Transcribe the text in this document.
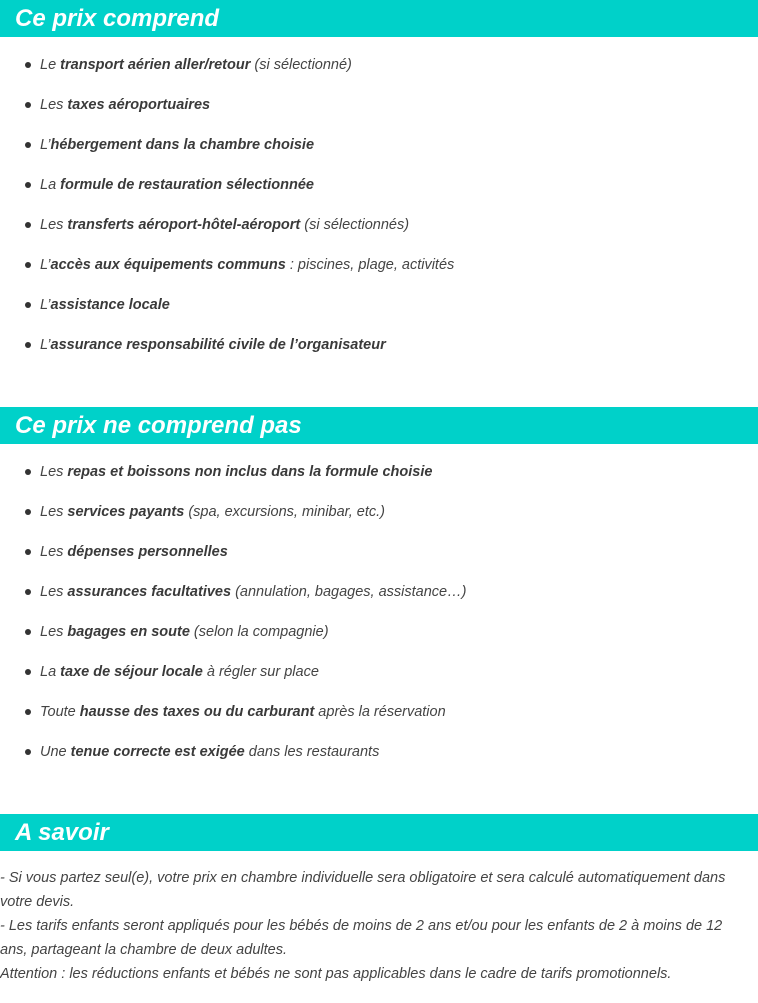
Ce prix comprend
Le transport aérien aller/retour (si sélectionné)
Les taxes aéroportuaires
L’hébergement dans la chambre choisie
La formule de restauration sélectionnée
Les transferts aéroport-hôtel-aéroport (si sélectionnés)
L’accès aux équipements communs : piscines, plage, activités
L’assistance locale
L’assurance responsabilité civile de l’organisateur
Ce prix ne comprend pas
Les repas et boissons non inclus dans la formule choisie
Les services payants (spa, excursions, minibar, etc.)
Les dépenses personnelles
Les assurances facultatives (annulation, bagages, assistance…)
Les bagages en soute (selon la compagnie)
La taxe de séjour locale à régler sur place
Toute hausse des taxes ou du carburant après la réservation
Une tenue correcte est exigée dans les restaurants
A savoir

- Si vous partez seul(e), votre prix en chambre individuelle sera obligatoire et sera calculé automatiquement dans votre devis.

- Les tarifs enfants seront appliqués pour les bébés de moins de 2 ans et/ou pour les enfants de 2 à moins de 12 ans, partageant la chambre de deux adultes.

Attention : les réductions enfants et bébés ne sont pas applicables dans le cadre de tarifs promotionnels.
